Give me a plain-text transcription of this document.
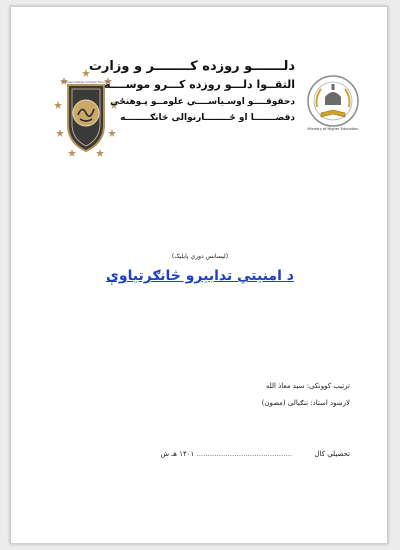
Al Taqwa Institute of Higher Education
Ministry of Higher Education
دلـــــــو روزده كــــــــر و وزارت
التقــوا دلـــو روزده كـــرو موســــه
دحقوقــــو اوسـياســــي علومــو پـوهنځى
دقضـــــــا او ځــــــــارنوالى څانګــــــــه
(لیسانس دوري پایلیک)
د امنيتي تدابيرو څانګرتياوې
ترتیب کوونکی: سید معاذ الله
لارښود استاد: ننګیالی (مصون)
تحصیلي کال          ........................................... ۱۴۰۱ هـ ش
